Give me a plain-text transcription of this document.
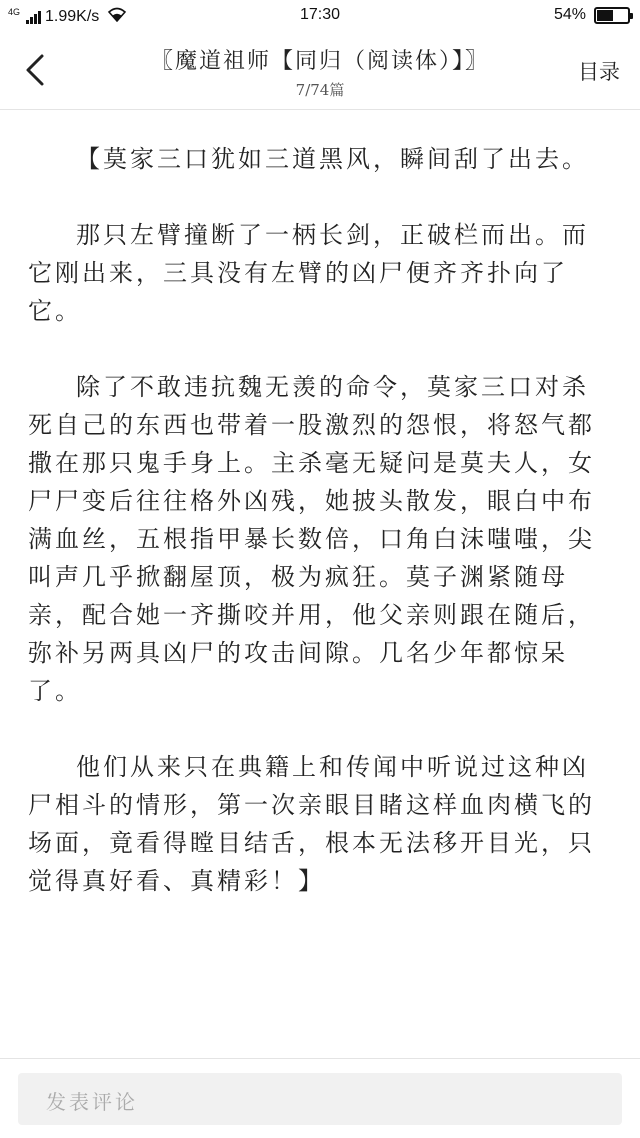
4G 1.99K/s	17:30	54%
〖魔道祖师【同归（阅读体）】〗
7/74篇
目录

【莫家三口犹如三道黑风，瞬间刮了出去。

那只左臂撞断了一柄长剑，正破栏而出。而它刚出来，三具没有左臂的凶尸便齐齐扑向了它。

除了不敢违抗魏无羡的命令，莫家三口对杀死自己的东西也带着一股激烈的怨恨，将怒气都撒在那只鬼手身上。主杀毫无疑问是莫夫人，女尸尸变后往往格外凶残，她披头散发，眼白中布满血丝，五根指甲暴长数倍，口角白沫嗤嗤，尖叫声几乎掀翻屋顶，极为疯狂。莫子渊紧随母亲，配合她一齐撕咬并用，他父亲则跟在随后，弥补另两具凶尸的攻击间隙。几名少年都惊呆了。

他们从来只在典籍上和传闻中听说过这种凶尸相斗的情形，第一次亲眼目睹这样血肉横飞的场面，竟看得瞠目结舌，根本无法移开目光，只觉得真好看、真精彩！】

发表评论
